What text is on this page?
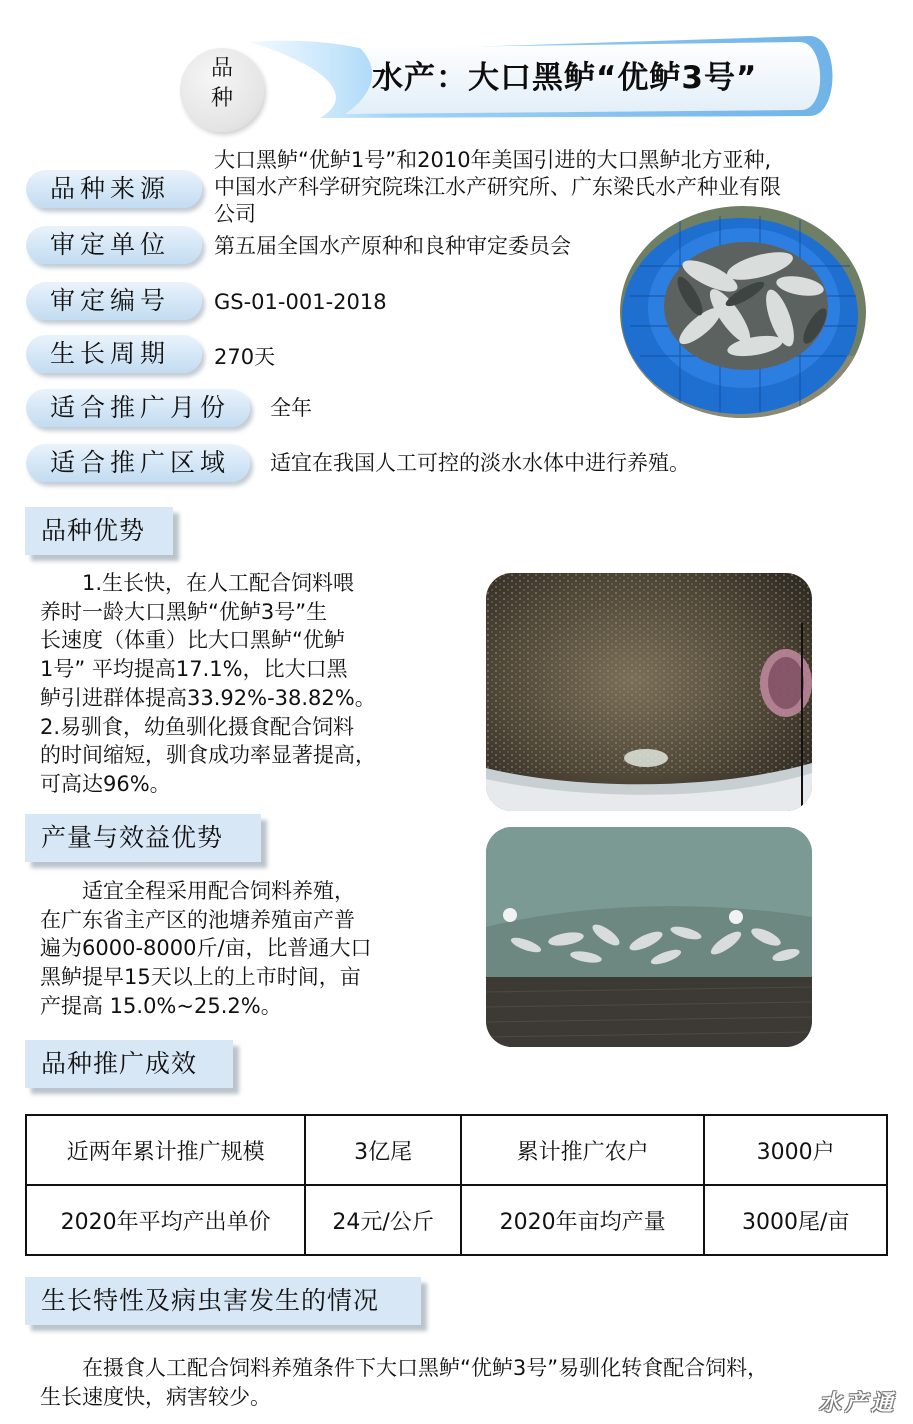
品
种
水产：大口黑鲈“优鲈3号”
品种来源
大口黑鲈“优鲈1号”和2010年美国引进的大口黑鲈北方亚种,
中国水产科学研究院珠江水产研究所、广东梁氏水产种业有限
公司
审定单位	第五届全国水产原种和良种审定委员会
审定编号	GS-01-001-2018
生长周期	270天
适合推广月份	全年
适合推广区域	适宜在我国人工可控的淡水水体中进行养殖。
品种优势

　　1.生长快，在人工配合饲料喂

养时一龄大口黑鲈“优鲈3号”生

长速度（体重）比大口黑鲈“优鲈

1号” 平均提高17.1%，比大口黑

鲈引进群体提高33.92%-38.82%。

2.易驯食，幼鱼驯化摄食配合饲料

的时间缩短，驯食成功率显著提高，

可高达96%。

产量与效益优势

　　适宜全程采用配合饲料养殖，

在广东省主产区的池塘养殖亩产普

遍为6000-8000斤/亩，比普通大口

黑鲈提早15天以上的上市时间，亩

产提高 15.0%~25.2%。

品种推广成效
近两年累计推广规模	3亿尾	累计推广农户	3000户
2020年平均产出单价	24元/公斤	2020年亩均产量	3000尾/亩
生长特性及病虫害发生的情况

　　在摄食人工配合饲料养殖条件下大口黑鲈“优鲈3号”易驯化转食配合饲料，

生长速度快，病害较少。	水产通
